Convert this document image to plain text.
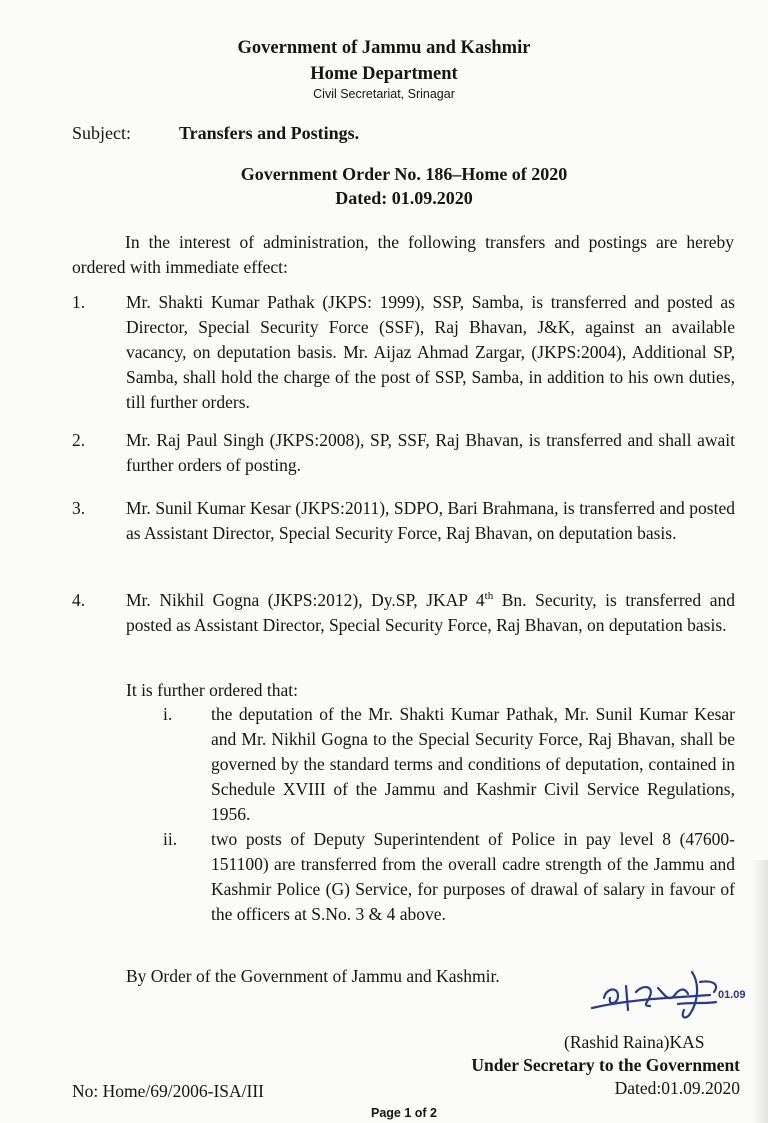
Government of Jammu and Kashmir

Home Department

Civil Secretariat, Srinagar

Subject:	Transfers and Postings.

Government Order No. 186–Home of 2020

Dated: 01.09.2020

In the interest of administration, the following transfers and postings are hereby ordered with immediate effect:

1. Mr. Shakti Kumar Pathak (JKPS: 1999), SSP, Samba, is transferred and posted as Director, Special Security Force (SSF), Raj Bhavan, J&K, against an available vacancy, on deputation basis. Mr. Aijaz Ahmad Zargar, (JKPS:2004), Additional SP, Samba, shall hold the charge of the post of SSP, Samba, in addition to his own duties, till further orders.

2. Mr. Raj Paul Singh (JKPS:2008), SP, SSF, Raj Bhavan, is transferred and shall await further orders of posting.

3. Mr. Sunil Kumar Kesar (JKPS:2011), SDPO, Bari Brahmana, is transferred and posted as Assistant Director, Special Security Force, Raj Bhavan, on deputation basis.

4. Mr. Nikhil Gogna (JKPS:2012), Dy.SP, JKAP 4th Bn. Security, is transferred and posted as Assistant Director, Special Security Force, Raj Bhavan, on deputation basis.

It is further ordered that:
i. the deputation of the Mr. Shakti Kumar Pathak, Mr. Sunil Kumar Kesar and Mr. Nikhil Gogna to the Special Security Force, Raj Bhavan, shall be governed by the standard terms and conditions of deputation, contained in Schedule XVIII of the Jammu and Kashmir Civil Service Regulations, 1956.

ii. two posts of Deputy Superintendent of Police in pay level 8 (47600-151100) are transferred from the overall cadre strength of the Jammu and Kashmir Police (G) Service, for purposes of drawal of salary in favour of the officers at S.No. 3 & 4 above.

By Order of the Government of Jammu and Kashmir.

01.09

(Rashid Raina)KAS

Under Secretary to the Government

No: Home/69/2006-ISA/III	Dated:01.09.2020

Page 1 of 2
